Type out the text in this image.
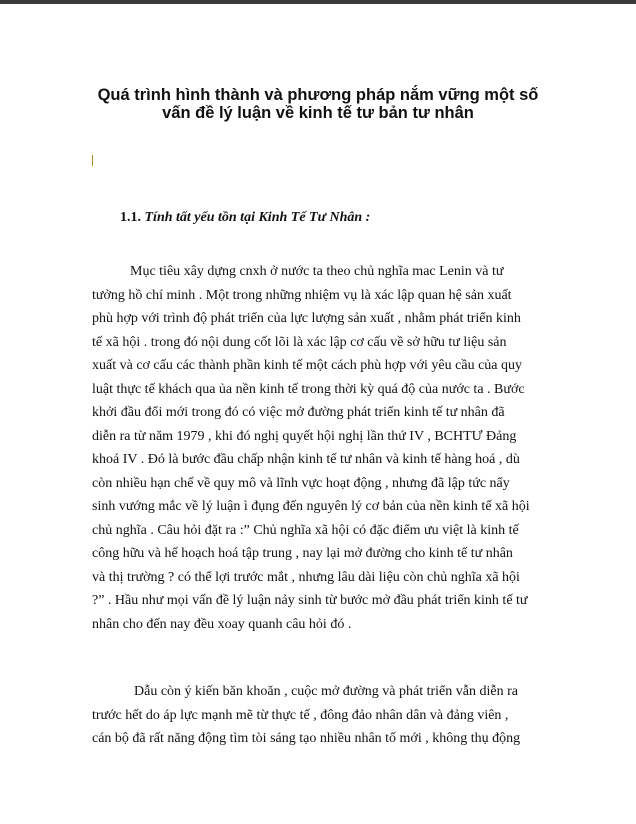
Quá trình hình thành và phương pháp nắm vững một số
vấn đề lý luận về kinh tế tư bản tư nhân
1.1. Tính tất yếu tồn tại Kinh Tế Tư Nhân :
Mục tiêu xây dựng cnxh ở nước ta theo chủ nghĩa mac Lenin và tư
tưởng hồ chí minh . Một trong những nhiệm vụ là xác lập quan hệ sản xuất
phù hợp với trình độ phát triển của lực lượng sản xuất , nhằm phát triển kinh
tế xã hội . trong đó nội dung cốt lõi là xác lập cơ cấu về sở hữu tư liệu sản
xuất và cơ cấu các thành phần kinh tế một cách phù hợp với yêu cầu của quy
luật thực tế khách qua ủa nền kinh tế trong thời kỳ quá độ của nước ta . Bước
khởi đầu đổi mới trong đó có việc mở đường phát triển kinh tế tư nhân đã
diễn ra từ năm 1979 , khi đó nghị quyết hội nghị lần thứ IV , BCHTƯ Đảng
khoá IV . Đó là bước đầu chấp nhận kinh tế tư nhân và kinh tế hàng hoá , dù
còn nhiều hạn chế về quy mô và lĩnh vực hoạt động , nhưng đã lập tức nẩy
sinh vướng mắc về lý luận ì đụng đến nguyên lý cơ bản của nền kinh tế xã hội
chủ nghĩa . Câu hỏi đặt ra :” Chủ nghĩa xã hội có đặc điểm ưu việt là kinh tế
công hữu và hế hoạch hoá tập trung , nay lại mở đường cho kinh tế tư nhân
và thị trường ? có thể lợi trước mắt , nhưng lâu dài liệu còn chủ nghĩa xã hội
?” . Hầu như mọi vấn đề lý luận nảy sinh từ bước mở đầu phát triển kinh tế tư
nhân cho đến nay đều xoay quanh câu hỏi đó .
Dẫu còn ý kiến băn khoăn , cuộc mở đường và phát triển vẫn diễn ra
trước hết do áp lực mạnh mẽ từ thực tế , đông đảo nhân dân và đảng viên ,
cán bộ đã rất năng động tìm tòi sáng tạo nhiều nhân tố mới , không thụ động
